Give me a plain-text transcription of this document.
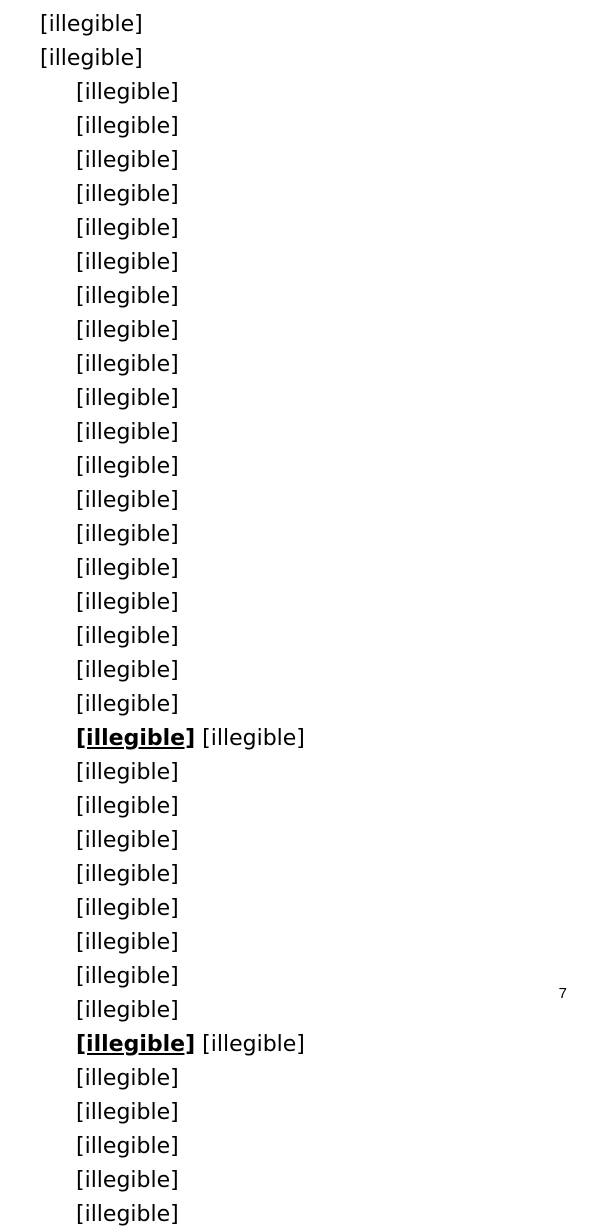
[illegible]
[illegible]

[illegible]
[illegible]
[illegible]
[illegible]
[illegible]
[illegible]
[illegible]
[illegible]
[illegible]
[illegible]

[illegible]
[illegible]
[illegible]
[illegible]
[illegible]
[illegible]
[illegible]
[illegible]
[illegible]

[illegible] [illegible]
[illegible]
[illegible]
[illegible]
[illegible]
[illegible]
[illegible]
[illegible]
[illegible]

[illegible] [illegible]
[illegible]
[illegible]
[illegible]

[illegible]
[illegible]

7
